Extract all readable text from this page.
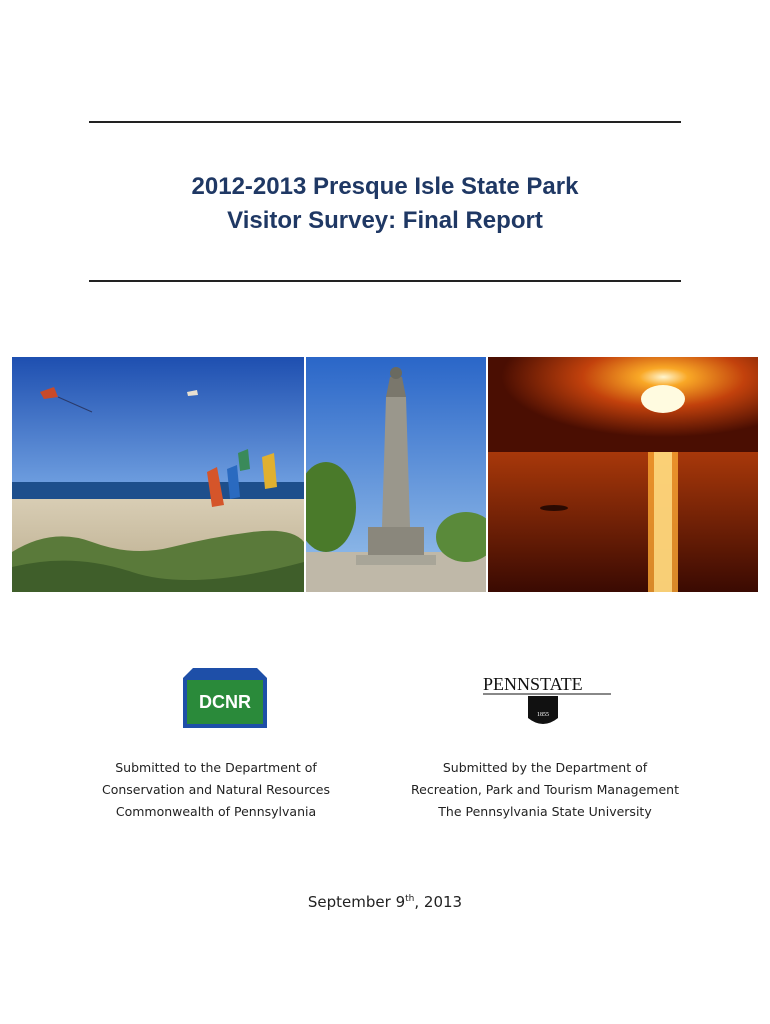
2012-2013 Presque Isle State Park
Visitor Survey: Final Report
DCNR
PENNSTATE
1855
Submitted to the Department of
Conservation and Natural Resources
Commonwealth of Pennsylvania
Submitted by the Department of
Recreation, Park and Tourism Management
The Pennsylvania State University
September 9th, 2013
